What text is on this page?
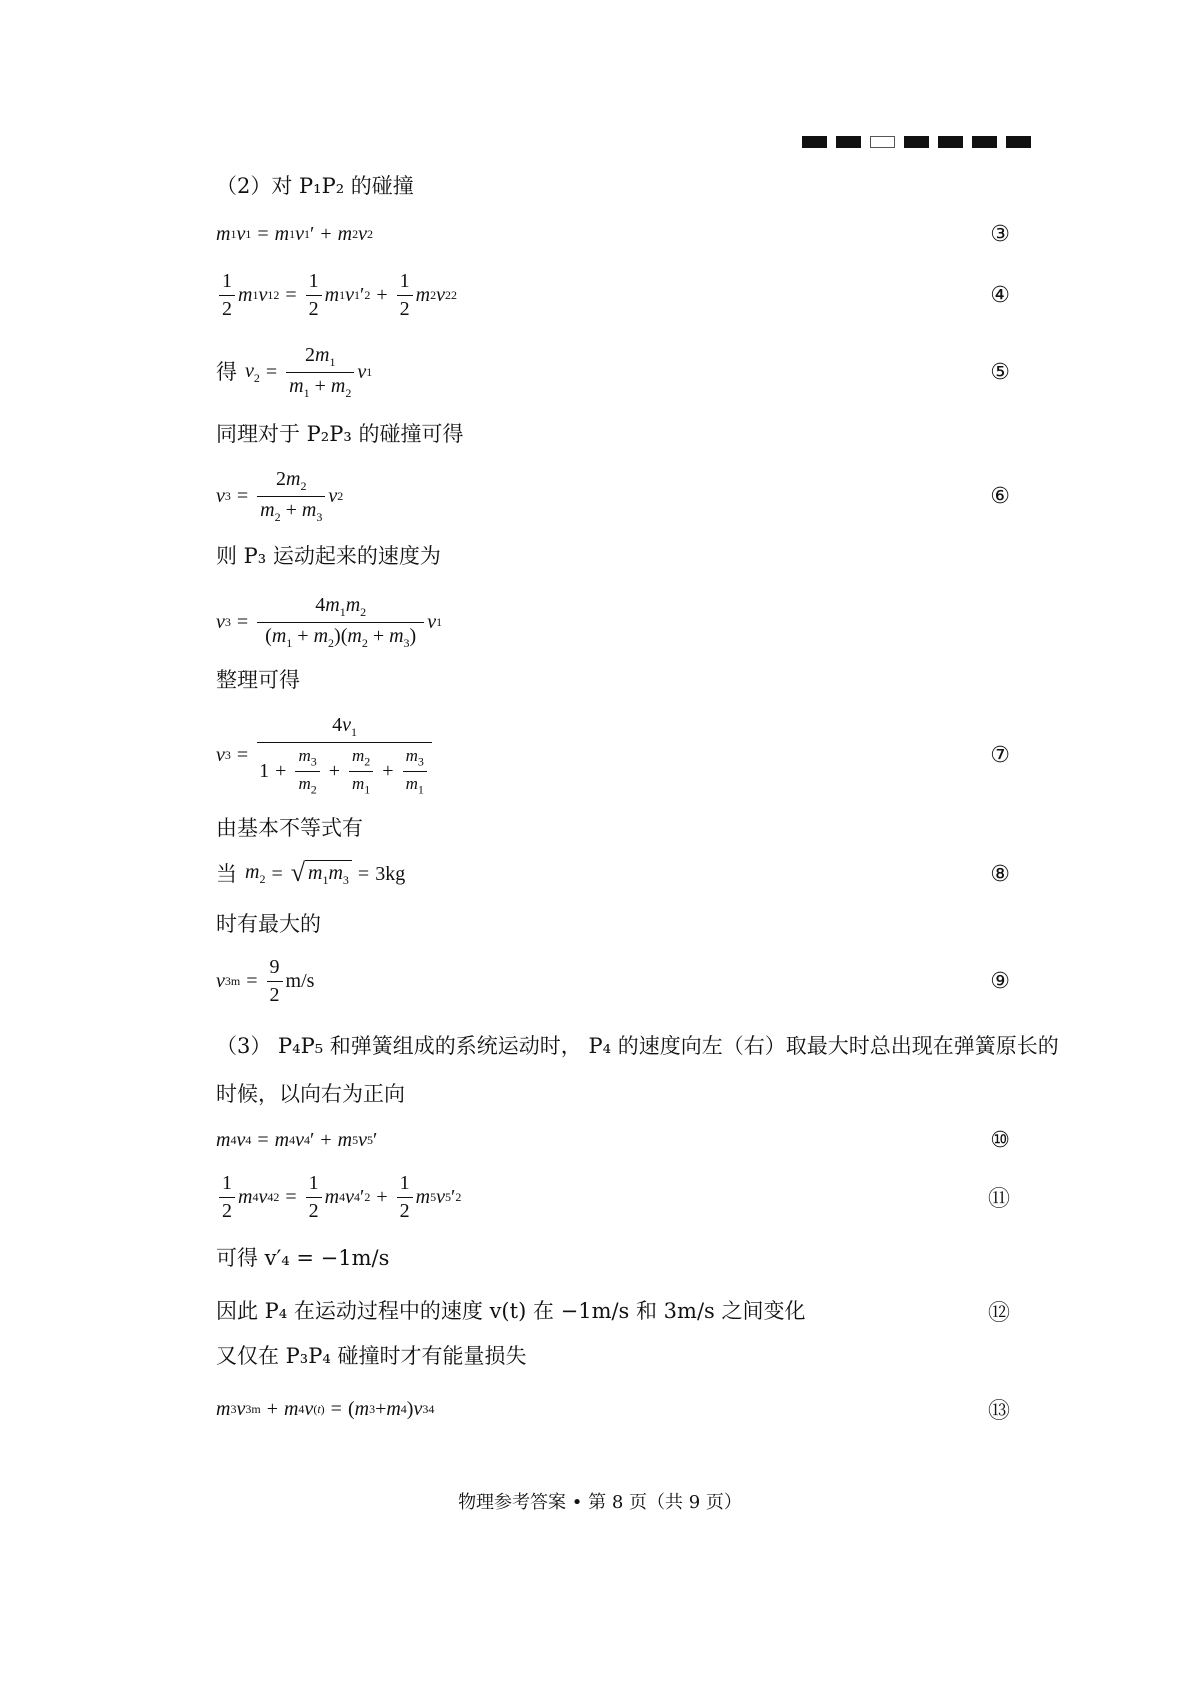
（2）对 P₁P₂ 的碰撞
m 1 v 1 = m 1 v 1 ′ + m 2 v 2	③
$\frac{1}{2}$ m 1 v 1 $2 = \frac{1}{2}$ m 1 v 1 ′ $2 + \frac{1}{2}$ m 2 v 2 2	④
得 $v_2 = \frac{2m_1}{m_1 + m_2}$ v 1	⑤
同理对于 P₂P₃ 的碰撞可得
v $3 = \frac{2m_2}{m_2 + m_3}$ v 2	⑥
则 P₃ 运动起来的速度为
v $3 = \frac{4m_1m_2}{(m_1 + m_2)(m_2 + m_3)}$ v 1
整理可得
v $3 = \frac{4v_1}{1 + \frac{m_3}{m_2} + \frac{m_2}{m_1} + \frac{m_3}{m_1}}$	⑦
由基本不等式有
当 $m_2$ = √ $m_1m_3 = 3kg$	⑧
时有最大的
v $3m = \frac{9}{2} m/s$	⑨
（3） P₄P₅ 和弹簧组成的系统运动时， P₄ 的速度向左（右）取最大时总出现在弹簧原长的
时候，以向右为正向
m 4 v 4 = m 4 v 4 ′ + m 5 v 5 ′	⑩
$\frac{1}{2}$ m 4 v 4 $2 = \frac{1}{2}$ m 4 v 4 ′ $2 + \frac{1}{2}$ m 5 v 5 ′ 2	⑪
可得 v′₄ = −1m/s
因此 P₄ 在运动过程中的速度 v(t) 在 −1m/s 和 3m/s 之间变化	⑫
又仅在 P₃P₄ 碰撞时才有能量损失
m 3 v 3m + m 4 v (t) = ( m 3 + m 4 ) v 34	⑬
物理参考答案 • 第 8 页（共 9 页）
